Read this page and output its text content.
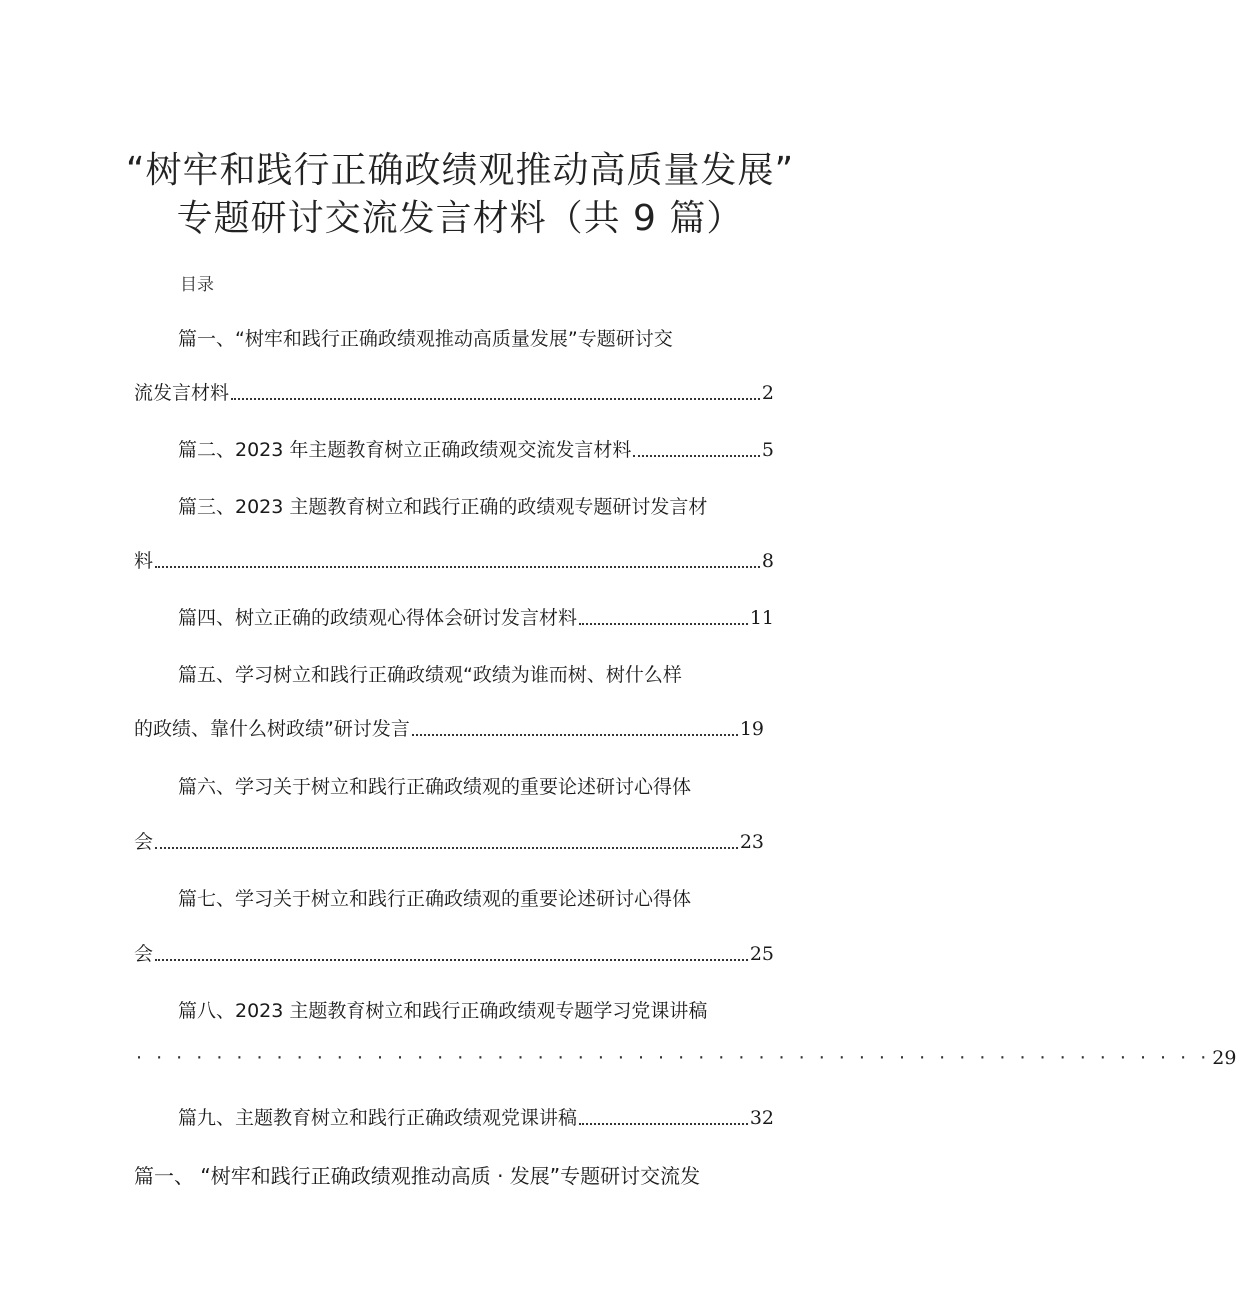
“树牢和践行正确政绩观推动高质量发展”
专题研讨交流发言材料（共 9 篇）
目录
篇一、“树牢和践行正确政绩观推动高质量发展”专题研讨交
流发言材料	2
篇二、2023 年主题教育树立正确政绩观交流发言材料	5
篇三、2023 主题教育树立和践行正确的政绩观专题研讨发言材
料	8
篇四、树立正确的政绩观心得体会研讨发言材料	11
篇五、学习树立和践行正确政绩观“政绩为谁而树、树什么样
的政绩、靠什么树政绩”研讨发言	19
篇六、学习关于树立和践行正确政绩观的重要论述研讨心得体
会	23
篇七、学习关于树立和践行正确政绩观的重要论述研讨心得体
会	25
篇八、2023 主题教育树立和践行正确政绩观专题学习党课讲稿
· · · · · · · · · · · · · · · · · · · · · · · · · · · · · · · · · · · · · · · · · · · · · · · · · · · · · · 29
篇九、主题教育树立和践行正确政绩观党课讲稿	32
篇一、 “树牢和践行正确政绩观推动高质 · 发展”专题研讨交流发
